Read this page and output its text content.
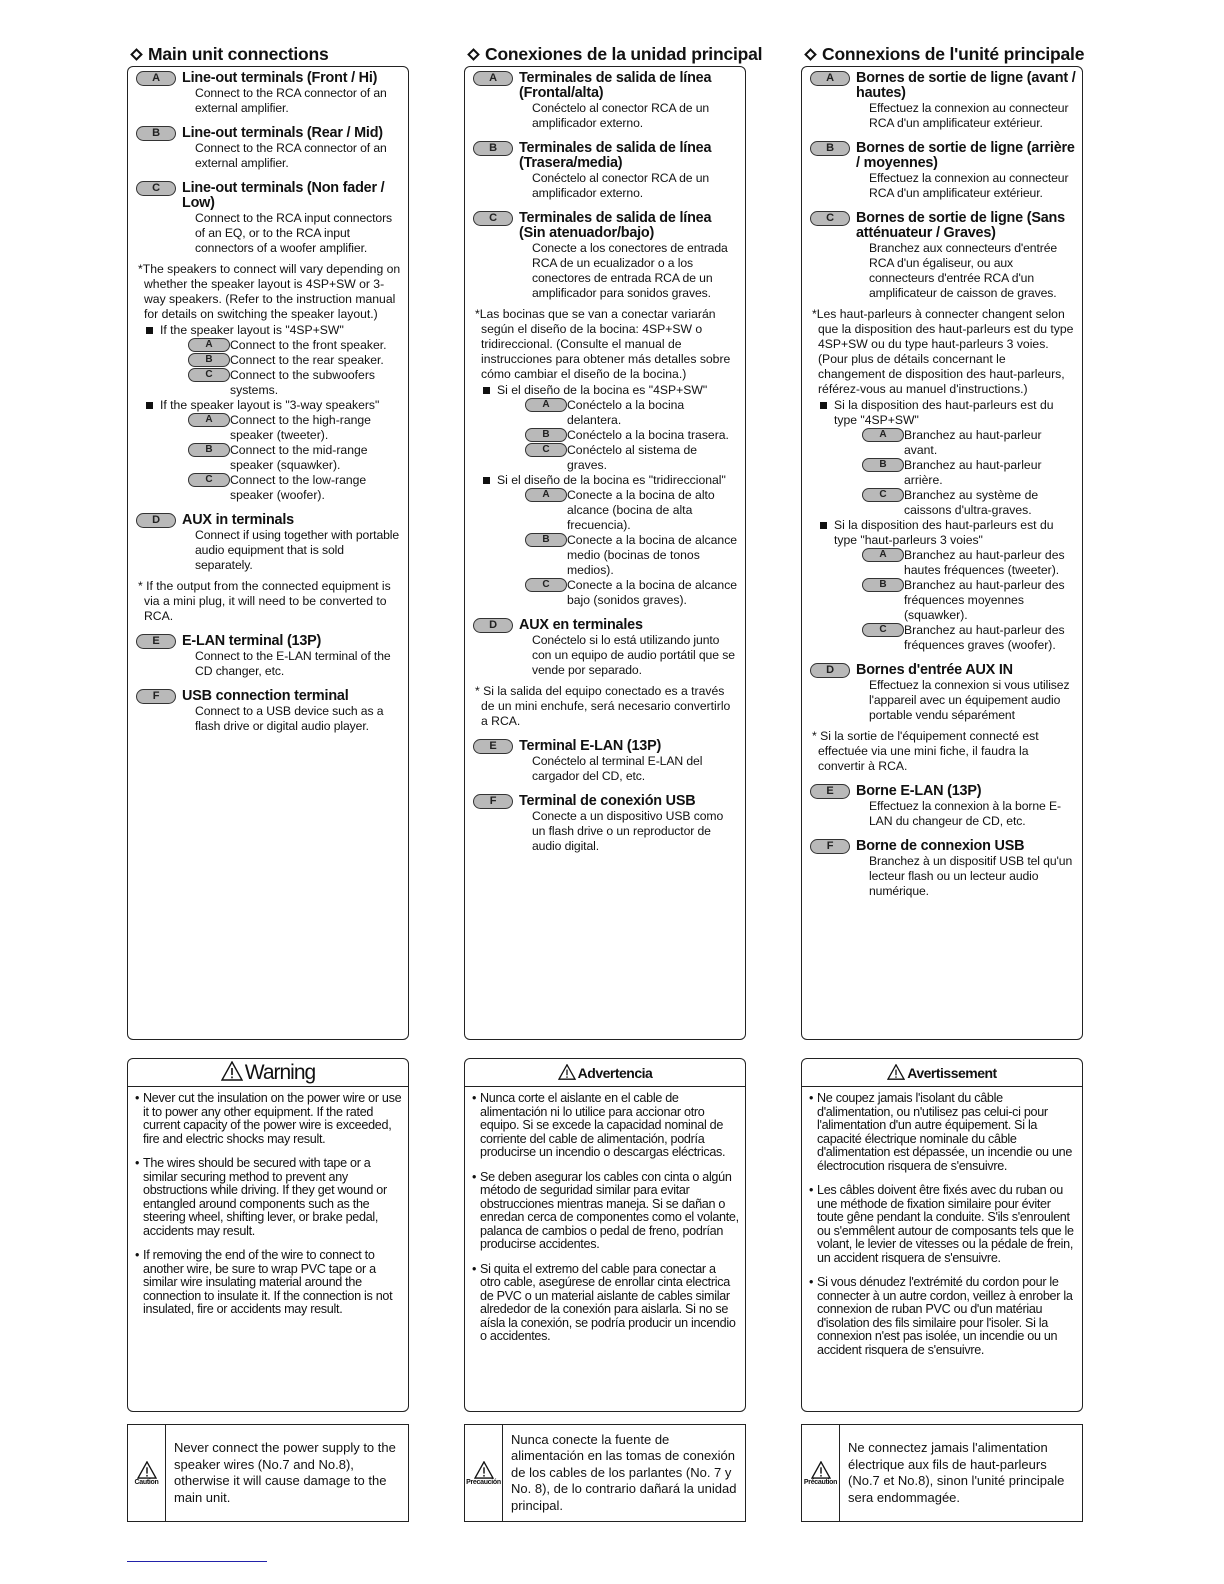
Main unit connections
A	Line-out terminals (Front / Hi)
Connect to the RCA connector of an external amplifier.
B	Line-out terminals (Rear / Mid)
Connect to the RCA connector of an external amplifier.
C	Line-out terminals (Non fader / Low)
Connect to the RCA input connectors of an EQ, or to the RCA input connectors of a woofer amplifier.
*The speakers to connect will vary depending on whether the speaker layout is 4SP+SW or 3-way speakers. (Refer to the instruction manual for details on switching the speaker layout.)
If the speaker layout is "4SP+SW"
A	Connect to the front speaker.
B	Connect to the rear speaker.
C	Connect to the subwoofers systems.
If the speaker layout is "3-way speakers"
A	Connect to the high-range speaker (tweeter).
B	Connect to the mid-range speaker (squawker).
C	Connect to the low-range speaker (woofer).
D	AUX in terminals
Connect if using together with portable audio equipment that is sold separately.
* If the output from the connected equipment is via a mini plug, it will need to be converted to RCA.
E	E-LAN terminal (13P)
Connect to the E-LAN terminal of the CD changer, etc.
F	USB connection terminal
Connect to a USB device such as a flash drive or digital audio player.
Conexiones de la unidad principal
A	Terminales de salida de línea (Frontal/alta)
Conéctelo al conector RCA de un amplificador externo.
B	Terminales de salida de línea (Trasera/media)
Conéctelo al conector RCA de un amplificador externo.
C	Terminales de salida de línea (Sin atenuador/bajo)
Conecte a los conectores de entrada RCA de un ecualizador o a los conectores de entrada RCA de un amplificador para sonidos graves.
*Las bocinas que se van a conectar variarán según el diseño de la bocina: 4SP+SW o tridireccional. (Consulte el manual de instrucciones para obtener más detalles sobre cómo cambiar el diseño de la bocina.)
Si el diseño de la bocina es "4SP+SW"
A	Conéctelo a la bocina delantera.
B	Conéctelo a la bocina trasera.
C	Conéctelo al sistema de graves.
Si el diseño de la bocina es "tridireccional"
A	Conecte a la bocina de alto alcance (bocina de alta frecuencia).
B	Conecte a la bocina de alcance medio (bocinas de tonos medios).
C	Conecte a la bocina de alcance bajo (sonidos graves).
D	AUX en terminales
Conéctelo si lo está utilizando junto con un equipo de audio portátil que se vende por separado.
* Si la salida del equipo conectado es a través de un mini enchufe, será necesario convertirlo a RCA.
E	Terminal E-LAN (13P)
Conéctelo al terminal E-LAN del cargador del CD, etc.
F	Terminal de conexión USB
Conecte a un dispositivo USB como un flash drive o un reproductor de audio digital.
Connexions de l'unité principale
A	Bornes de sortie de ligne (avant / hautes)
Effectuez la connexion au connecteur RCA d'un amplificateur extérieur.
B	Bornes de sortie de ligne (arrière / moyennes)
Effectuez la connexion au connecteur RCA d'un amplificateur extérieur.
C	Bornes de sortie de ligne (Sans atténuateur / Graves)
Branchez aux connecteurs d'entrée RCA d'un égaliseur, ou aux connecteurs d'entrée RCA d'un amplificateur de caisson de graves.
*Les haut-parleurs à connecter changent selon que la disposition des haut-parleurs est du type 4SP+SW ou du type haut-parleurs 3 voies. (Pour plus de détails concernant le changement de disposition des haut-parleurs, référez-vous au manuel d'instructions.)
Si la disposition des haut-parleurs est du type "4SP+SW"
A	Branchez au haut-parleur avant.
B	Branchez au haut-parleur arrière.
C	Branchez au système de caissons d'ultra-graves.
Si la disposition des haut-parleurs est du type "haut-parleurs 3 voies"
A	Branchez au haut-parleur des hautes fréquences (tweeter).
B	Branchez au haut-parleur des fréquences moyennes (squawker).
C	Branchez au haut-parleur des fréquences graves (woofer).
D	Bornes d'entrée AUX IN
Effectuez la connexion si vous utilisez l'appareil avec un équipement audio portable vendu séparément
* Si la sortie de l'équipement connecté est effectuée via une mini fiche, il faudra la convertir à RCA.
E	Borne E-LAN (13P)
Effectuez la connexion à la borne E-LAN du changeur de CD, etc.
F	Borne de connexion USB
Branchez à un dispositif USB tel qu'un lecteur flash ou un lecteur audio numérique.
Warning
• Never cut the insulation on the power wire or use it to power any other equipment. If the rated current capacity of the power wire is exceeded, fire and electric shocks may result.
• The wires should be secured with tape or a similar securing method to prevent any obstructions while driving. If they get wound or entangled around components such as the steering wheel, shifting lever, or brake pedal, accidents may result.
• If removing the end of the wire to connect to another wire, be sure to wrap PVC tape or a similar wire insulating material around the connection to insulate it. If the connection is not insulated, fire or accidents may result.
Advertencia
• Nunca corte el aislante en el cable de alimentación ni lo utilice para accionar otro equipo. Si se excede la capacidad nominal de corriente del cable de alimentación, podría producirse un incendio o descargas eléctricas.
• Se deben asegurar los cables con cinta o algún método de seguridad similar para evitar obstrucciones mientras maneja. Si se dañan o enredan cerca de componentes como el volante, palanca de cambios o pedal de freno, podrían producirse accidentes.
• Si quita el extremo del cable para conectar a otro cable, asegúrese de enrollar cinta electrica de PVC o un material aislante de cables similar alrededor de la conexión para aislarla. Si no se aísla la conexión, se podría producir un incendio o accidentes.
Avertissement
• Ne coupez jamais l'isolant du câble d'alimentation, ou n'utilisez pas celui-ci pour l'alimentation d'un autre équipement. Si la capacité électrique nominale du câble d'alimentation est dépassée, un incendie ou une électrocution risquera de s'ensuivre.
• Les câbles doivent être fixés avec du ruban ou une méthode de fixation similaire pour éviter toute gêne pendant la conduite. S'ils s'enroulent ou s'emmêlent autour de composants tels que le volant, le levier de vitesses ou la pédale de frein, un accident risquera de s'ensuivre.
• Si vous dénudez l'extrémité du cordon pour le connecter à un autre cordon, veillez à enrober la connexion de ruban PVC ou d'un matériau d'isolation des fils similaire pour l'isoler. Si la connexion n'est pas isolée, un incendie ou un accident risquera de s'ensuivre.
Caution
Never connect the power supply to the speaker wires (No.7 and No.8), otherwise it will cause damage to the main unit.
Precaución
Nunca conecte la fuente de alimentación en las tomas de conexión de los cables de los parlantes (No. 7 y No. 8), de lo contrario dañará la unidad principal.
Précaution
Ne connectez jamais l'alimentation électrique aux fils de haut-parleurs (No.7 et No.8), sinon l'unité principale sera endommagée.
